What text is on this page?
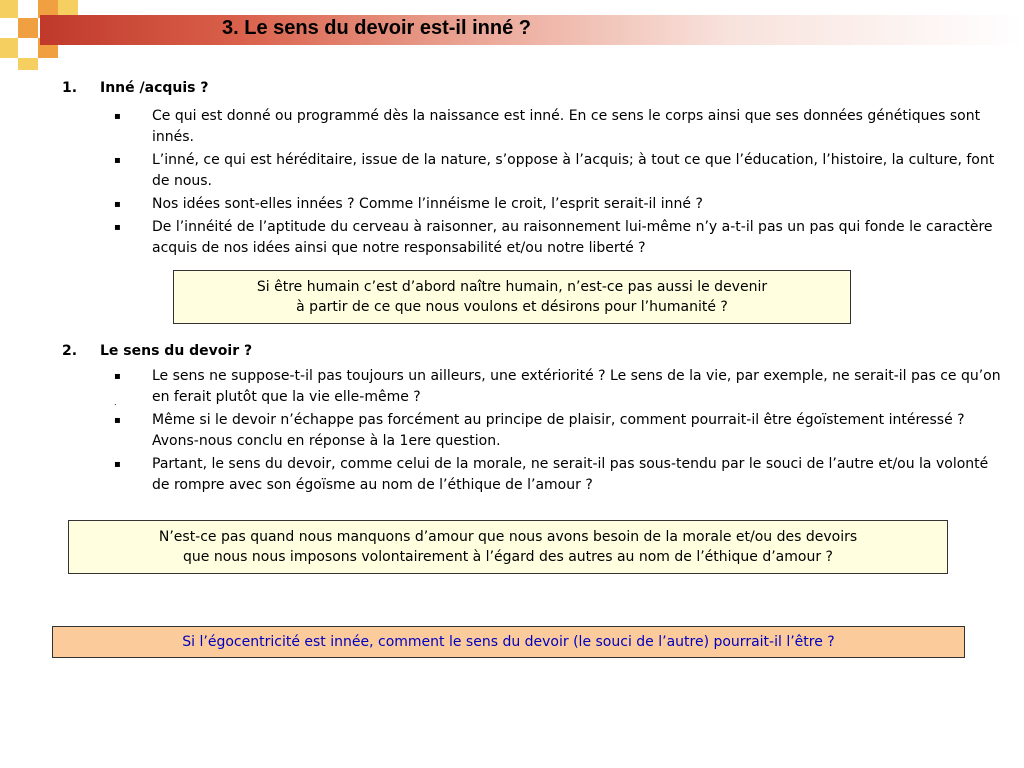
3. Le sens du devoir est-il inné ?
1. Inné /acquis ?
▪ Ce qui est donné ou programmé dès la naissance est inné. En ce sens le corps ainsi que ses données génétiques sont innés.
▪ L’inné, ce qui est héréditaire, issue de la nature, s’oppose à l’acquis; à tout ce que l’éducation, l’histoire, la culture, font de nous.
▪ Nos idées sont-elles innées ? Comme l’innéisme le croit, l’esprit serait-il inné ?
▪ De l’innéité de l’aptitude du cerveau à raisonner, au raisonnement lui-même n’y a-t-il pas un pas qui fonde le caractère acquis de nos idées ainsi que notre responsabilité et/ou notre liberté ?
Si être humain c’est d’abord naître humain, n’est-ce pas aussi le devenir
à partir de ce que nous voulons et désirons pour l’humanité ?
2. Le sens du devoir ?
▪ Le sens ne suppose-t-il pas toujours un ailleurs, une extériorité ? Le sens de la vie, par exemple, ne serait-il pas ce qu’on en ferait plutôt que la vie elle-même ?
.
▪ Même si le devoir n’échappe pas forcément au principe de plaisir, comment pourrait-il être égoïstement intéressé ? Avons-nous conclu en réponse à la 1ere question.
▪ Partant, le sens du devoir, comme celui de la morale, ne serait-il pas sous-tendu par le souci de l’autre et/ou la volonté de rompre avec son égoïsme au nom de l’éthique de l’amour ?
N’est-ce pas quand nous manquons d’amour que nous avons besoin de la morale et/ou des devoirs
que nous nous imposons volontairement à l’égard des autres au nom de l’éthique d’amour ?
Si l’égocentricité est innée, comment le sens du devoir (le souci de l’autre) pourrait-il l’être ?
